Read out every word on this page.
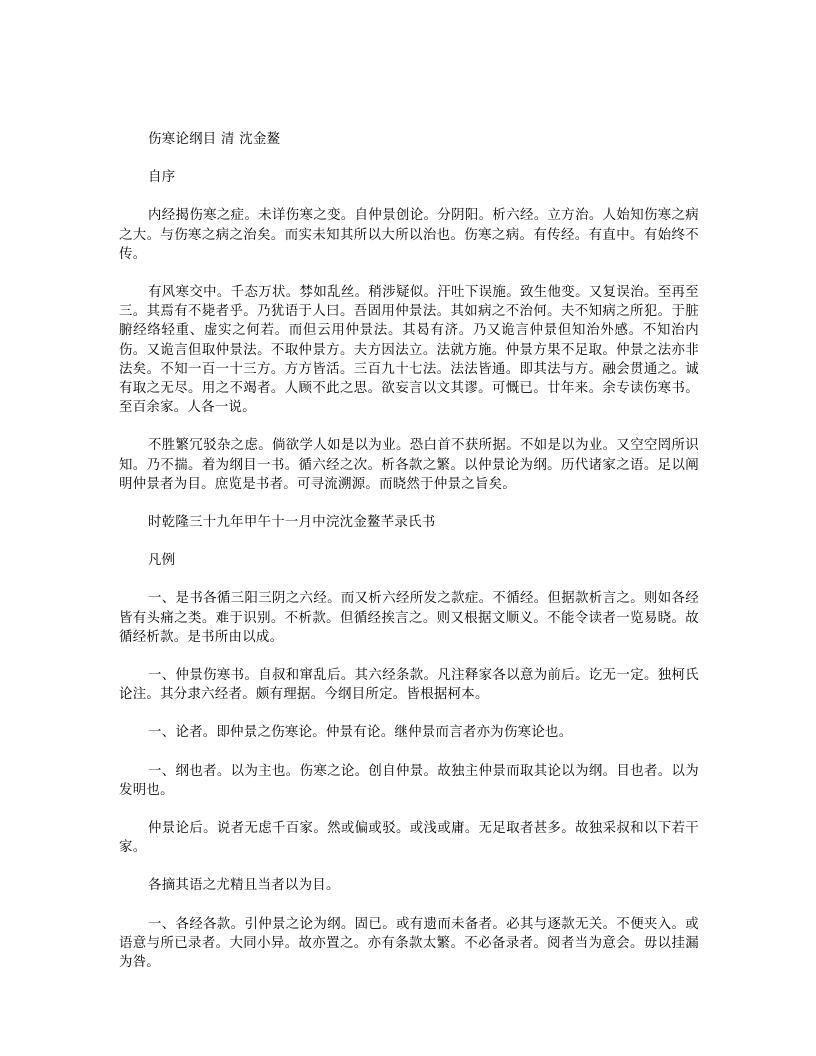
伤寒论纲目 清 沈金鳌

自序

内经揭伤寒之症。未详伤寒之变。自仲景创论。分阴阳。析六经。立方治。人始知伤寒之病之大。与伤寒之病之治矣。而实未知其所以大所以治也。伤寒之病。有传经。有直中。有始终不传。

有风寒交中。千态万状。棼如乱丝。稍涉疑似。汗吐下误施。致生他变。又复误治。至再至三。其焉有不毙者乎。乃犹语于人曰。吾固用仲景法。其如病之不治何。夫不知病之所犯。于脏腑经络轻重、虚实之何若。而但云用仲景法。其曷有济。乃又诡言仲景但知治外感。不知治内伤。又诡言但取仲景法。不取仲景方。夫方因法立。法就方施。仲景方果不足取。仲景之法亦非法矣。不知一百一十三方。方方皆活。三百九十七法。法法皆通。即其法与方。融会贯通之。诚有取之无尽。用之不竭者。人顾不此之思。欲妄言以文其谬。可慨已。廿年来。余专读伤寒书。至百余家。人各一说。

不胜繁冗驳杂之虑。倘欲学人如是以为业。恐白首不获所据。不如是以为业。又空空罔所识知。乃不揣。着为纲目一书。循六经之次。析各款之繁。以仲景论为纲。历代诸家之语。足以阐明仲景者为目。庶览是书者。可寻流溯源。而晓然于仲景之旨矣。

时乾隆三十九年甲午十一月中浣沈金鳌芊录氏书

凡例

一、是书各循三阳三阴之六经。而又析六经所发之款症。不循经。但据款析言之。则如各经皆有头痛之类。难于识别。不析款。但循经挨言之。则又根据文顺义。不能令读者一览易晓。故循经析款。是书所由以成。

一、仲景伤寒书。自叔和窜乱后。其六经条款。凡注释家各以意为前后。讫无一定。独柯氏论注。其分隶六经者。颇有理据。今纲目所定。皆根据柯本。

一、论者。即仲景之伤寒论。仲景有论。继仲景而言者亦为伤寒论也。

一、纲也者。以为主也。伤寒之论。创自仲景。故独主仲景而取其论以为纲。目也者。以为发明也。

仲景论后。说者无虑千百家。然或偏或驳。或浅或庸。无足取者甚多。故独采叔和以下若干家。

各摘其语之尤精且当者以为目。

一、各经各款。引仲景之论为纲。固已。或有遗而未备者。必其与逐款无关。不便夹入。或语意与所已录者。大同小异。故亦置之。亦有条款太繁。不必备录者。阅者当为意会。毋以挂漏为咎。
